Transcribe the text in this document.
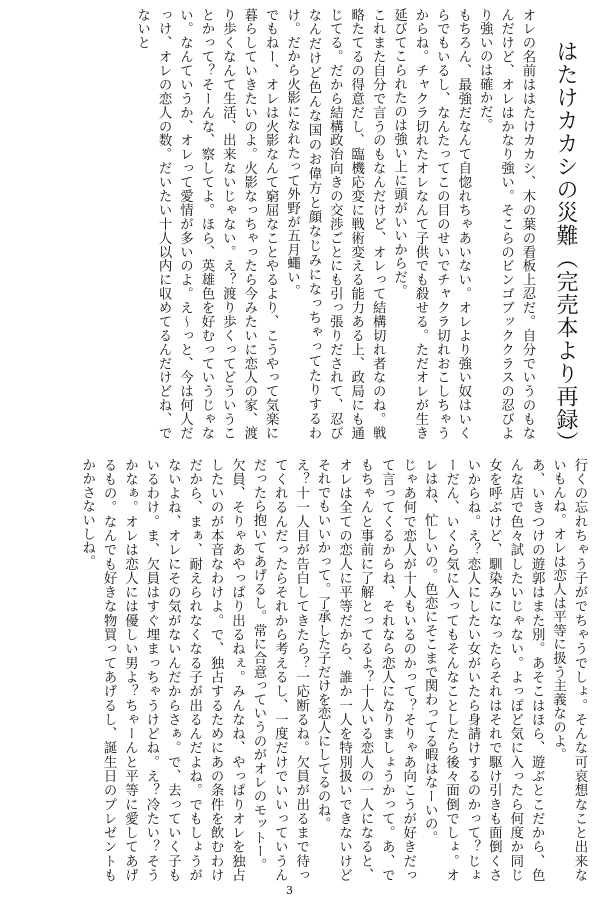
はたけカカシの災難（完売本より再録）
オレの名前ははたけカカシ、木の葉の看板上忍だ。自分でいうのもなんだけど、オレはかなり強い。そこらのビンゴブッククラスの忍びより強いのは確かだ。
もちろん、最強だなんて自惚れちゃあいない。オレより強い奴はいくらでもいるし、なんたってこの目のせいでチャクラ切れおこしちゃうからね。チャクラ切れたオレなんて子供でも殺せる。ただオレが生き延びてこられたのは強い上に頭がいいからだ。
これまた自分で言うのもなんだけど、オレって結構切れ者なのね。戦略たてるの得意だし、臨機応変に戦術変える能力ある上、政局にも通じてる。だから結構政治向きの交渉ごとにも引っ張りだされて、忍びなんだけど色んな国のお偉方と顔なじみになっちゃってたりするわけ。だから火影になれたって外野が五月蠅い。
でもねー、オレは火影なんて窮屈なことやるより、こうやって気楽に暮らしていきたいのよ。火影なっちゃったら今みたいに恋人の家、渡り歩くなんて生活、出来ないじゃない。え？渡り歩くってどういうことかって？そーんな、察してよ。ほら、英雄色を好むっていうじゃない。なんていうか、オレって愛情が多いのよ。え〜っと、今は何人だっけ、オレの恋人の数。だいたい十人以内に収めてるんだけどね、でないと
行くの忘れちゃう子がでちゃうでしょ。そんな可哀想なこと出来ないもんね。オレは恋人は平等に扱う主義なのよ。
あ、いきつけの遊郭はまた別。あそこはほら、遊ぶとこだから、色んな店で色々試したいじゃない。よっぽど気に入ったら何度か同じ女を呼ぶけど、馴染みになったらそれはそれで駆け引きも面倒くさいからね。え？恋人にしたい女がいたら身請けするのかって？じょーだん、いくら気に入ってもそんなことしたら後々面倒でしょ。オレはね、忙しいの。色恋にそこまで関わってる暇はなーいの。
じゃあ何で恋人が十人もいるのかって？そりゃあ向こうが好きだって言ってくるからね、それなら恋人になりましょうかって。あ、でもちゃんと事前に了解とってるよ？十人いる恋人の一人になると、オレは全ての恋人に平等だから、誰か一人を特別扱いできないけどそれでもいいかって。了承した子だけを恋人にしてるのね。
え？十一人目が告白してきたら？一応断るね。欠員が出るまで待ってくれるんだったらそれから考えるし、一度だけでいいっていうんだったら抱いてあげるし。常に合意っていうのがオレのモットー。
欠員、そりゃあやっぱり出るねぇ。みんなね、やっぱりオレを独占したいのが本音なわけよ。で、独占するためにあの条件を飲むわけだから、まぁ、耐えられなくなる子が出るんだよね。でもしょうがないよね、オレにその気がないんだからさぁ。で、去っていく子もいるわけ。ま、欠員はすぐ埋まっちゃうけどね。え？冷たい？そうかなぁ。オレは恋人には優しい男よ？ちゃーんと平等に愛してあげるもの。なんでも好きな物買ってあげるし、誕生日のプレゼントもかかさないしね。
3
